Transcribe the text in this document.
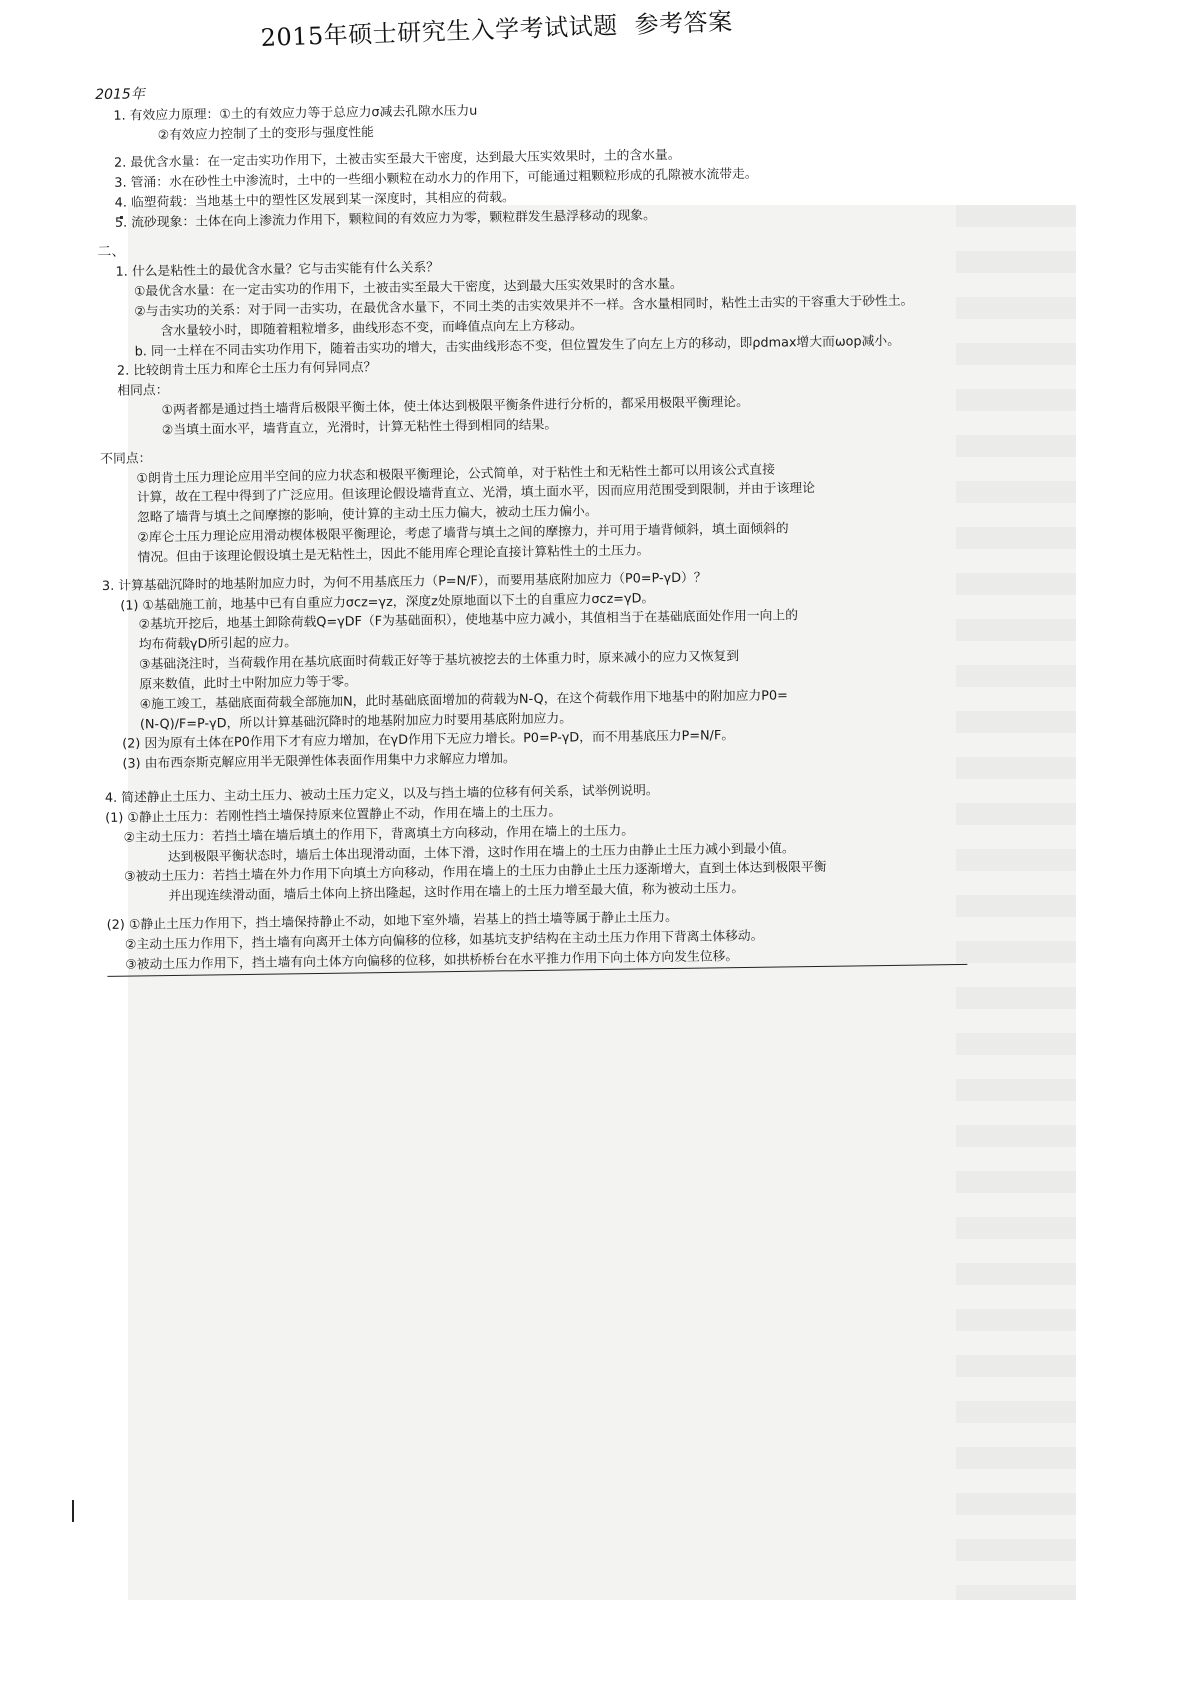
2015年硕士研究生入学考试试题 参考答案

2015年

1. 有效应力原理：①土的有效应力等于总应力σ减去孔隙水压力u

②有效应力控制了土的变形与强度性能

2. 最优含水量：在一定击实功作用下，土被击实至最大干密度，达到最大压实效果时，土的含水量。

3. 管涌：水在砂性土中渗流时，土中的一些细小颗粒在动水力的作用下，可能通过粗颗粒形成的孔隙被水流带走。

4. 临塑荷载：当地基土中的塑性区发展到某一深度时，其相应的荷载。

5. 流砂现象：土体在向上渗流力作用下，颗粒间的有效应力为零，颗粒群发生悬浮移动的现象。

二、

1. 什么是粘性土的最优含水量？它与击实能有什么关系？

①最优含水量：在一定击实功的作用下，土被击实至最大干密度，达到最大压实效果时的含水量。

②与击实功的关系：对于同一击实功，在最优含水量下，不同土类的击实效果并不一样。含水量相同时，粘性土击实的干容重大于砂性土。

含水量较小时，即随着粗粒增多，曲线形态不变，而峰值点向左上方移动。

b. 同一土样在不同击实功作用下，随着击实功的增大，击实曲线形态不变，但位置发生了向左上方的移动，即ρdmax增大而ωop减小。

2. 比较朗肯土压力和库仑土压力有何异同点？

相同点：

①两者都是通过挡土墙背后极限平衡土体，使土体达到极限平衡条件进行分析的，都采用极限平衡理论。

②当填土面水平，墙背直立，光滑时，计算无粘性土得到相同的结果。

不同点：

①朗肯土压力理论应用半空间的应力状态和极限平衡理论，公式简单，对于粘性土和无粘性土都可以用该公式直接

计算，故在工程中得到了广泛应用。但该理论假设墙背直立、光滑，填土面水平，因而应用范围受到限制，并由于该理论

忽略了墙背与填土之间摩擦的影响，使计算的主动土压力偏大，被动土压力偏小。

②库仑土压力理论应用滑动楔体极限平衡理论，考虑了墙背与填土之间的摩擦力，并可用于墙背倾斜，填土面倾斜的

情况。但由于该理论假设填土是无粘性土，因此不能用库仑理论直接计算粘性土的土压力。

3. 计算基础沉降时的地基附加应力时，为何不用基底压力（P=N/F），而要用基底附加应力（P0=P-γD）？

(1) ①基础施工前，地基中已有自重应力σcz=γz，深度z处原地面以下土的自重应力σcz=γD。

②基坑开挖后，地基土卸除荷载Q=γDF（F为基础面积），使地基中应力减小，其值相当于在基础底面处作用一向上的

均布荷载γD所引起的应力。

③基础浇注时，当荷载作用在基坑底面时荷载正好等于基坑被挖去的土体重力时，原来减小的应力又恢复到

原来数值，此时土中附加应力等于零。

④施工竣工，基础底面荷载全部施加N，此时基础底面增加的荷载为N-Q，在这个荷载作用下地基中的附加应力P0=

(N-Q)/F=P-γD，所以计算基础沉降时的地基附加应力时要用基底附加应力。

(2) 因为原有土体在P0作用下才有应力增加，在γD作用下无应力增长。P0=P-γD，而不用基底压力P=N/F。

(3) 由布西奈斯克解应用半无限弹性体表面作用集中力求解应力增加。

4. 简述静止土压力、主动土压力、被动土压力定义，以及与挡土墙的位移有何关系，试举例说明。

(1) ①静止土压力：若刚性挡土墙保持原来位置静止不动，作用在墙上的土压力。

②主动土压力：若挡土墙在墙后填土的作用下，背离填土方向移动，作用在墙上的土压力。

达到极限平衡状态时，墙后土体出现滑动面，土体下滑，这时作用在墙上的土压力由静止土压力减小到最小值。

③被动土压力：若挡土墙在外力作用下向填土方向移动，作用在墙上的土压力由静止土压力逐渐增大，直到土体达到极限平衡

并出现连续滑动面，墙后土体向上挤出隆起，这时作用在墙上的土压力增至最大值，称为被动土压力。

(2) ①静止土压力作用下，挡土墙保持静止不动，如地下室外墙，岩基上的挡土墙等属于静止土压力。

②主动土压力作用下，挡土墙有向离开土体方向偏移的位移，如基坑支护结构在主动土压力作用下背离土体移动。

③被动土压力作用下，挡土墙有向土体方向偏移的位移，如拱桥桥台在水平推力作用下向土体方向发生位移。
